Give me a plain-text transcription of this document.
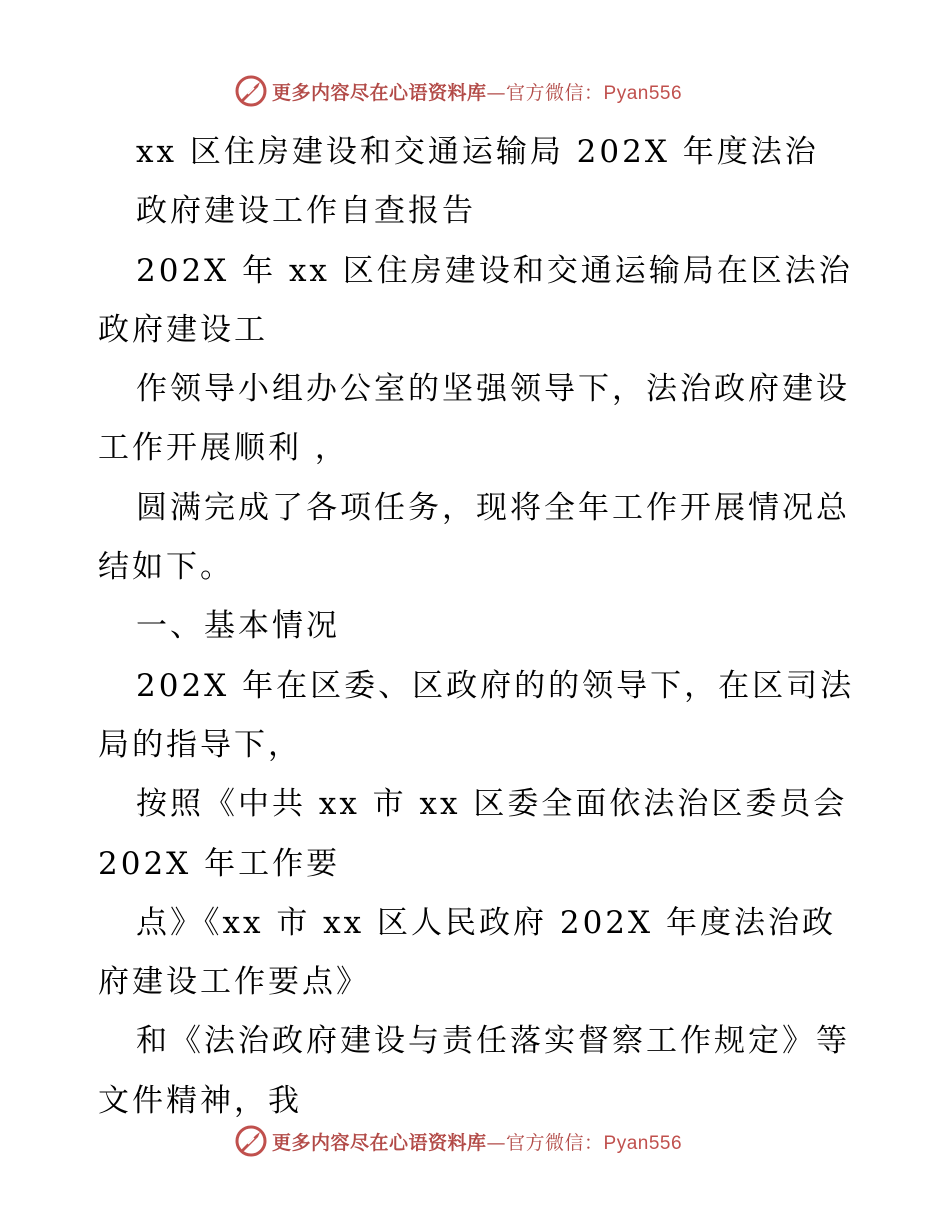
更多内容尽在心语资料库—官方微信：Pyan556
xx 区住房建设和交通运输局 202X 年度法治
政府建设工作自查报告
202X 年 xx 区住房建设和交通运输局在区法治
政府建设工
作领导小组办公室的坚强领导下，法治政府建设
工作开展顺利 ，
圆满完成了各项任务，现将全年工作开展情况总
结如下。
一、基本情况
202X 年在区委、区政府的的领导下，在区司法
局的指导下，
按照《中共 xx 市 xx 区委全面依法治区委员会
202X 年工作要
点》《xx 市 xx 区人民政府 202X 年度法治政
府建设工作要点》
和《法治政府建设与责任落实督察工作规定》等
文件精神，我
更多内容尽在心语资料库—官方微信：Pyan556
